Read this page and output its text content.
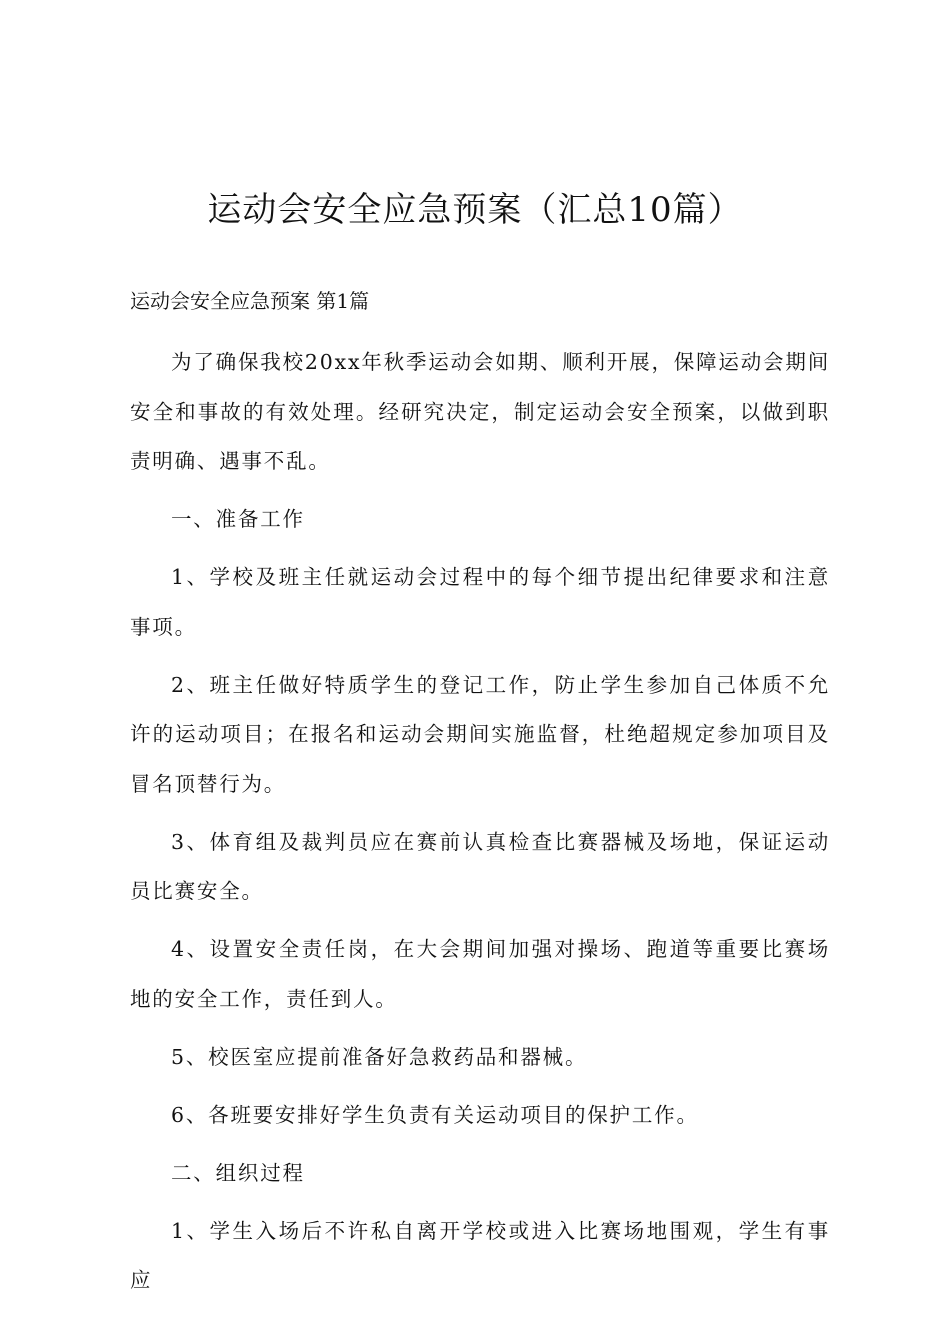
运动会安全应急预案（汇总10篇）

运动会安全应急预案 第1篇

为了确保我校20xx年秋季运动会如期、顺利开展，保障运动会期间安全和事故的有效处理。经研究决定，制定运动会安全预案，以做到职责明确、遇事不乱。

一、准备工作

1、学校及班主任就运动会过程中的每个细节提出纪律要求和注意事项。

2、班主任做好特质学生的登记工作，防止学生参加自己体质不允许的运动项目；在报名和运动会期间实施监督，杜绝超规定参加项目及冒名顶替行为。

3、体育组及裁判员应在赛前认真检查比赛器械及场地，保证运动员比赛安全。

4、设置安全责任岗，在大会期间加强对操场、跑道等重要比赛场地的安全工作，责任到人。

5、校医室应提前准备好急救药品和器械。

6、各班要安排好学生负责有关运动项目的保护工作。

二、组织过程

1、学生入场后不许私自离开学校或进入比赛场地围观，学生有事应
